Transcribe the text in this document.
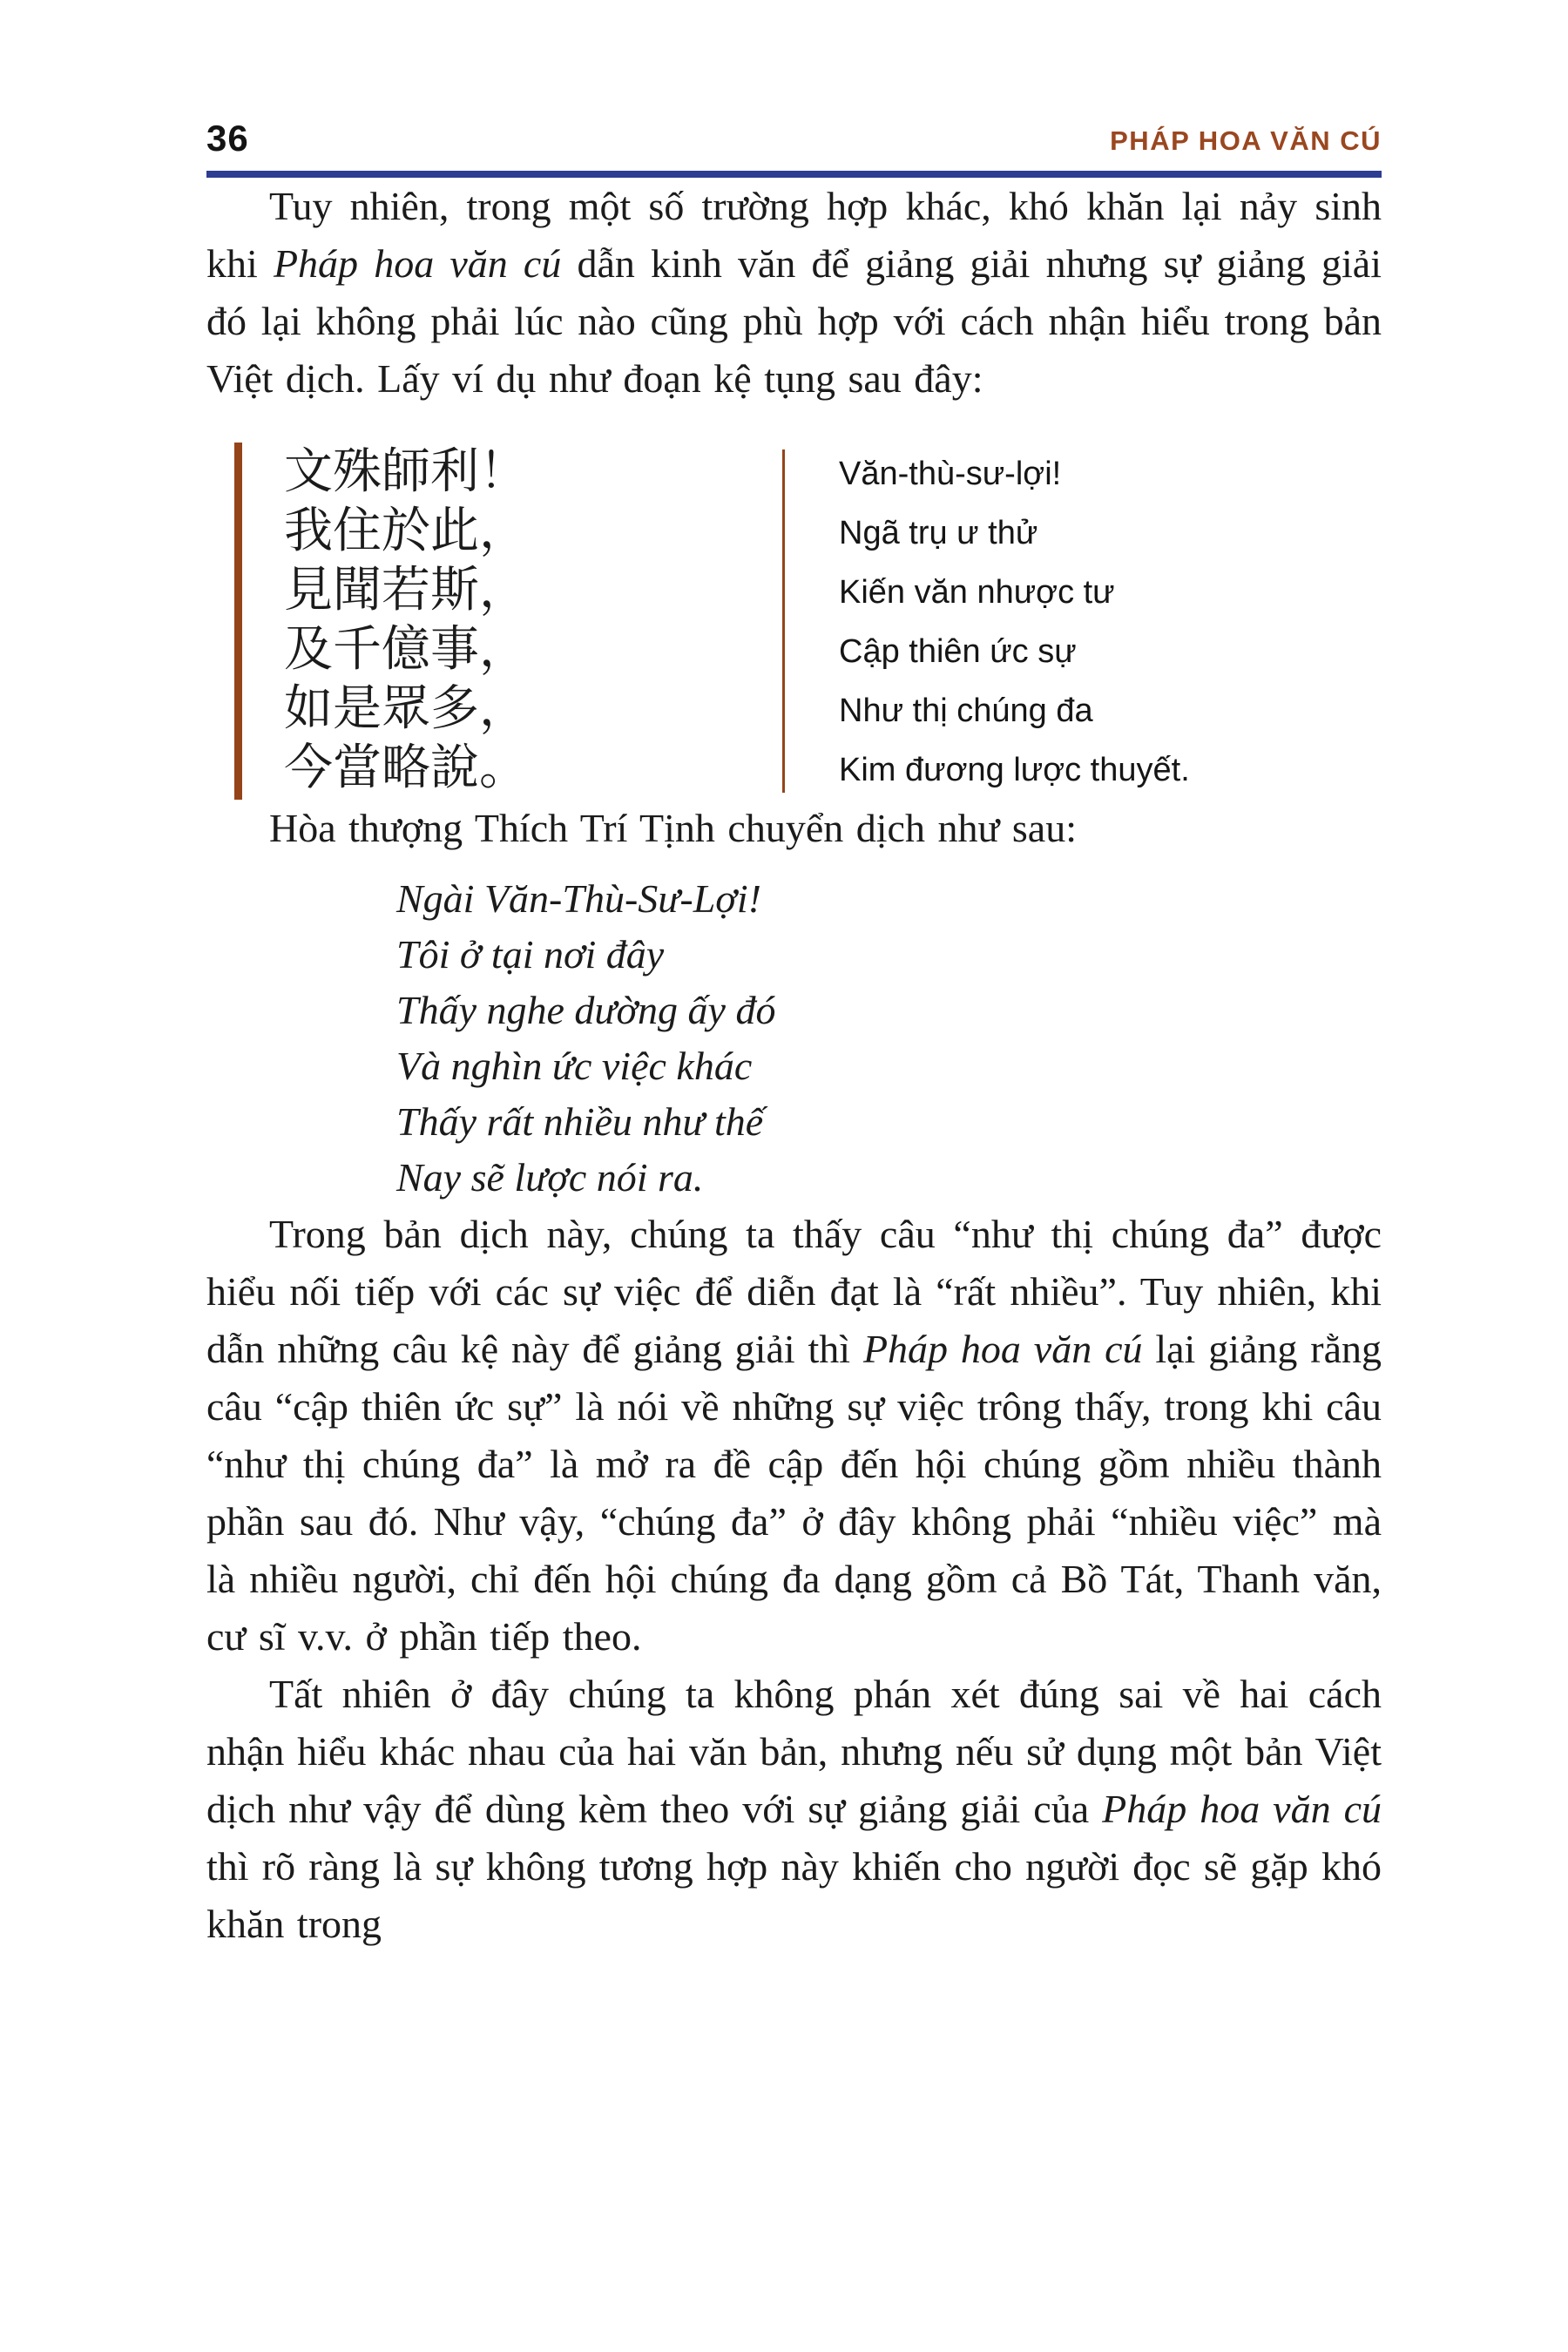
36	PHÁP HOA VĂN CÚ

Tuy nhiên, trong một số trường hợp khác, khó khăn lại nảy sinh khi Pháp hoa văn cú dẫn kinh văn để giảng giải nhưng sự giảng giải đó lại không phải lúc nào cũng phù hợp với cách nhận hiểu trong bản Việt dịch. Lấy ví dụ như đoạn kệ tụng sau đây:

文殊師利！
我住於此，
見聞若斯，
及千億事，
如是眾多，
今當略說。
Văn-thù-sư-lợi!
Ngã trụ ư thử
Kiến văn nhược tư
Cập thiên ức sự
Như thị chúng đa
Kim đương lược thuyết.

Hòa thượng Thích Trí Tịnh chuyển dịch như sau:

Ngài Văn-Thù-Sư-Lợi!
Tôi ở tại nơi đây
Thấy nghe dường ấy đó
Và nghìn ức việc khác
Thấy rất nhiều như thế
Nay sẽ lược nói ra.

Trong bản dịch này, chúng ta thấy câu “như thị chúng đa” được hiểu nối tiếp với các sự việc để diễn đạt là “rất nhiều”. Tuy nhiên, khi dẫn những câu kệ này để giảng giải thì Pháp hoa văn cú lại giảng rằng câu “cập thiên ức sự” là nói về những sự việc trông thấy, trong khi câu “như thị chúng đa” là mở ra đề cập đến hội chúng gồm nhiều thành phần sau đó. Như vậy, “chúng đa” ở đây không phải “nhiều việc” mà là nhiều người, chỉ đến hội chúng đa dạng gồm cả Bồ Tát, Thanh văn, cư sĩ v.v. ở phần tiếp theo.

Tất nhiên ở đây chúng ta không phán xét đúng sai về hai cách nhận hiểu khác nhau của hai văn bản, nhưng nếu sử dụng một bản Việt dịch như vậy để dùng kèm theo với sự giảng giải của Pháp hoa văn cú thì rõ ràng là sự không tương hợp này khiến cho người đọc sẽ gặp khó khăn trong
